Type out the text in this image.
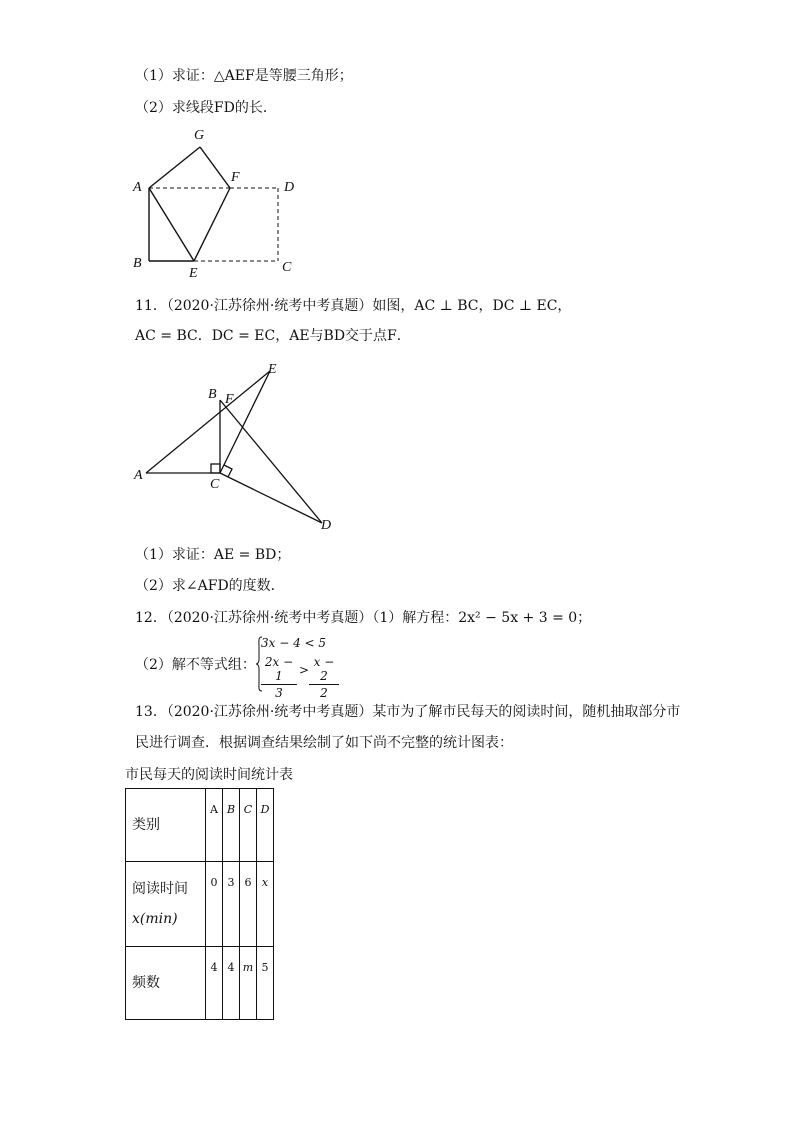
（1）求证：△AEF是等腰三角形；
（2）求线段FD的长．
G
A
F
D
B
E	C
11．（2020·江苏徐州·统考中考真题）如图，AC ⊥ BC，DC ⊥ EC，
AC = BC．DC = EC，AE与BD交于点F．
E
B F
A
C
D
（1）求证：AE = BD；
（2）求∠AFD的度数．
12．（2020·江苏徐州·统考中考真题）（1）解方程：2x² − 5x + 3 = 0；
（2）解不等式组：
3x − 4 < 5
2x − 1
3
>
x − 2
2
13．（2020·江苏徐州·统考中考真题）某市为了解市民每天的阅读时间，随机抽取部分市
民进行调查．根据调查结果绘制了如下尚不完整的统计图表：
市民每天的阅读时间统计表
类别	A	B	C	D

阅读时间
x(min)	0	3	6	x
频数	4	4	m	5
